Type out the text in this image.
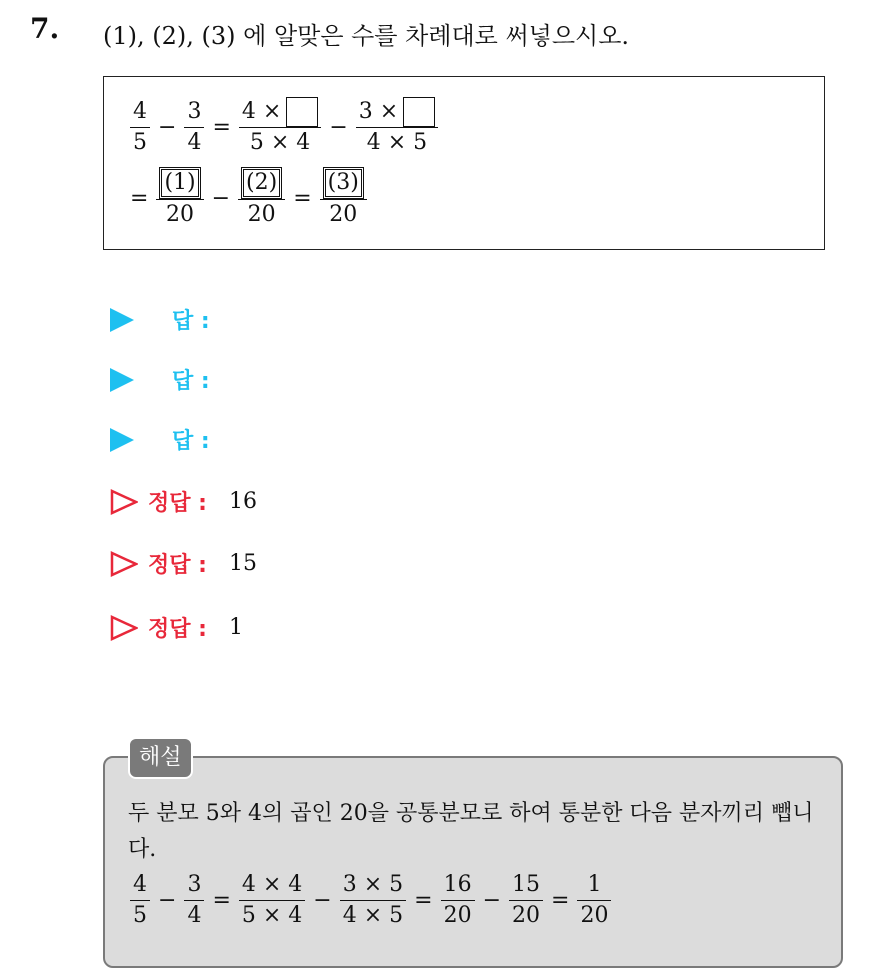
7. (1), (2), (3) 에 알맞은 수를 차례대로 써넣으시오.
$\frac{4}{5} - \frac{3}{4} = \frac{4 \times}{5 \times 4} - \frac{3 \times}{4 \times 5}$
= $\frac{(1)}{20} - \frac{(2)}{20} = \frac{(3)}{20}$
답 :
답 :
답 :
정답 : 16
정답 : 15
정답 : 1
해설
두 분모 5와 4의 곱인 20을 공통분모로 하여 통분한 다음 분자끼리 뺍니다.
$\frac{4}{5} - \frac{3}{4} = \frac{4 \times 4}{5 \times 4} - \frac{3 \times 5}{4 \times 5} = \frac{16}{20} - \frac{15}{20} = \frac{1}{20}$
